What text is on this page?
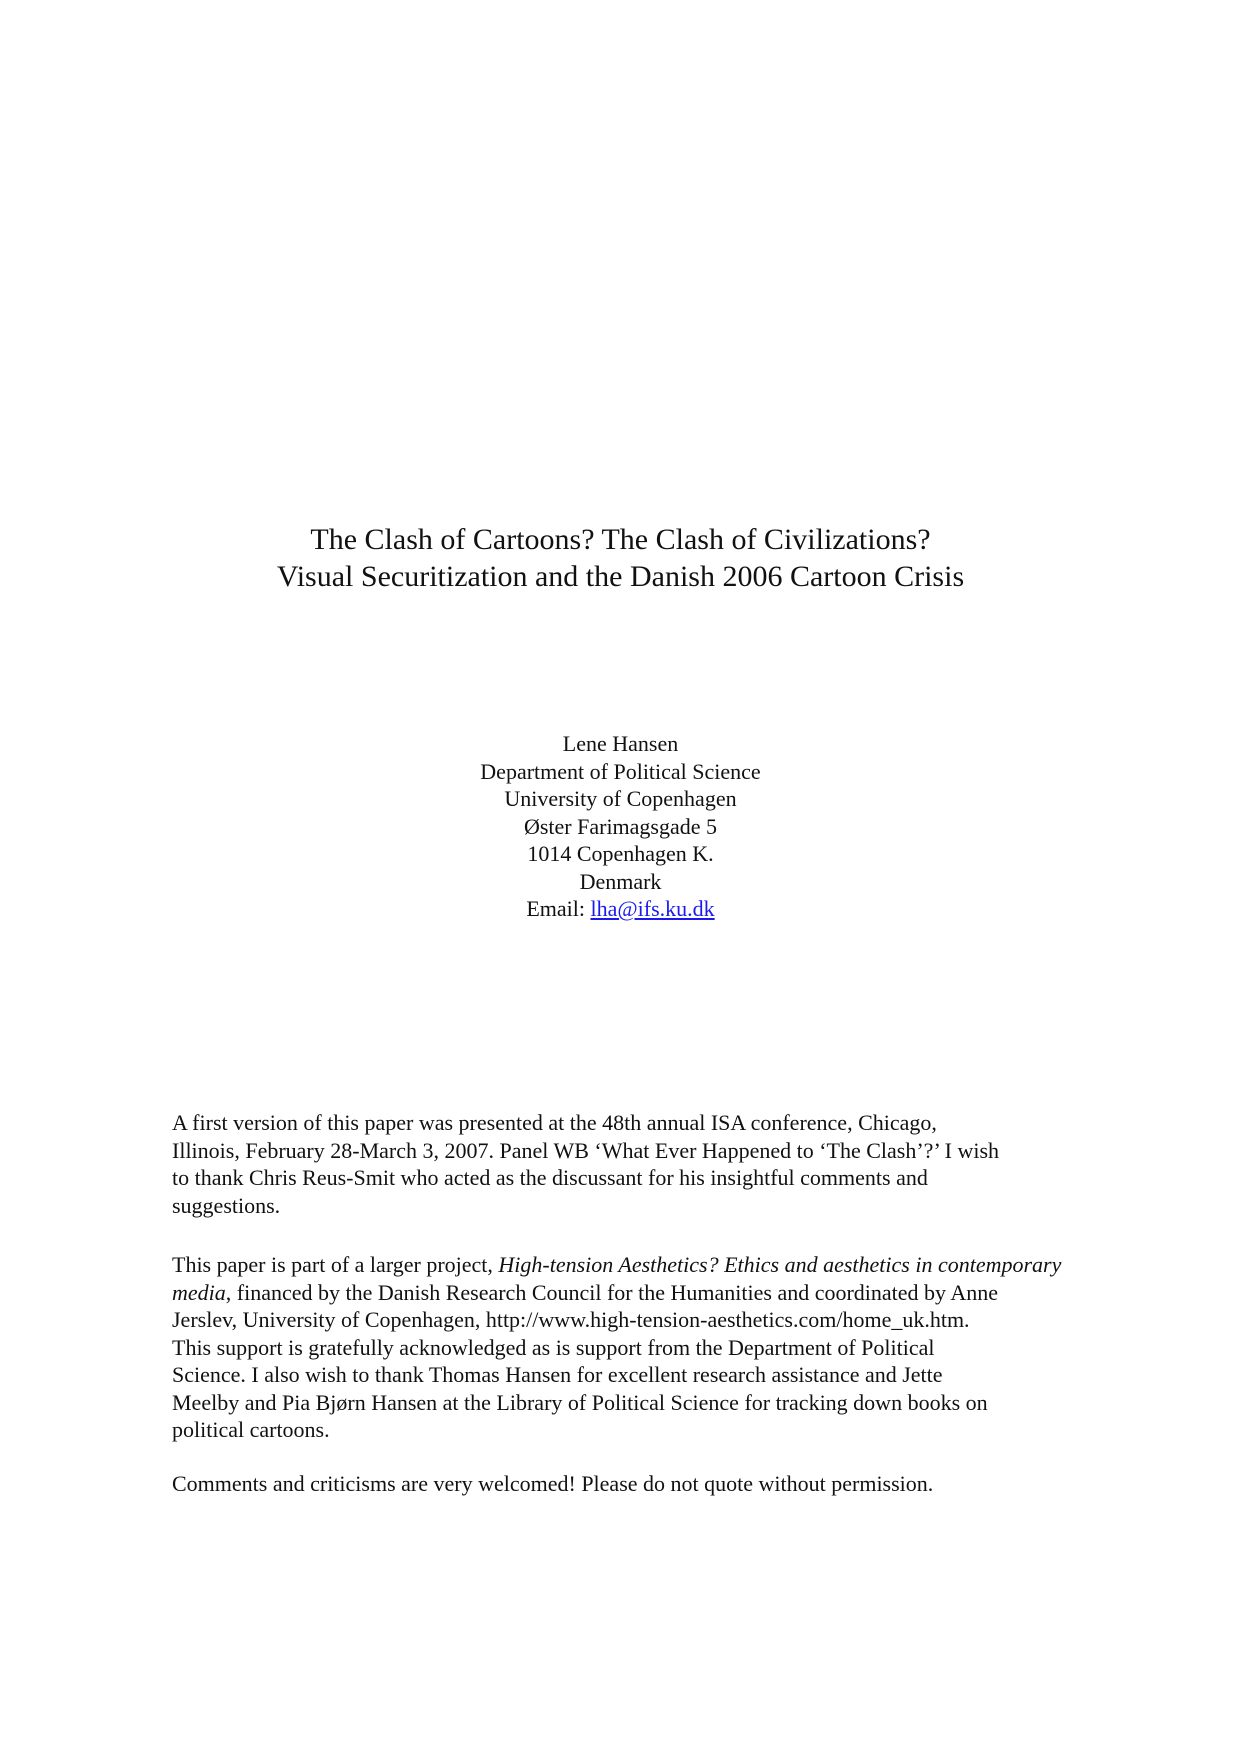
The Clash of Cartoons? The Clash of Civilizations?
Visual Securitization and the Danish 2006 Cartoon Crisis
Lene Hansen
Department of Political Science
University of Copenhagen
Øster Farimagsgade 5
1014 Copenhagen K.
Denmark
Email: lha@ifs.ku.dk
A first version of this paper was presented at the 48th annual ISA conference, Chicago,
Illinois, February 28-March 3, 2007. Panel WB ‘What Ever Happened to ‘The Clash’?’ I wish
to thank Chris Reus-Smit who acted as the discussant for his insightful comments and
suggestions.
This paper is part of a larger project, High-tension Aesthetics? Ethics and aesthetics in contemporary
media, financed by the Danish Research Council for the Humanities and coordinated by Anne
Jerslev, University of Copenhagen, http://www.high-tension-aesthetics.com/home_uk.htm.
This support is gratefully acknowledged as is support from the Department of Political
Science. I also wish to thank Thomas Hansen for excellent research assistance and Jette
Meelby and Pia Bjørn Hansen at the Library of Political Science for tracking down books on
political cartoons.
Comments and criticisms are very welcomed! Please do not quote without permission.
